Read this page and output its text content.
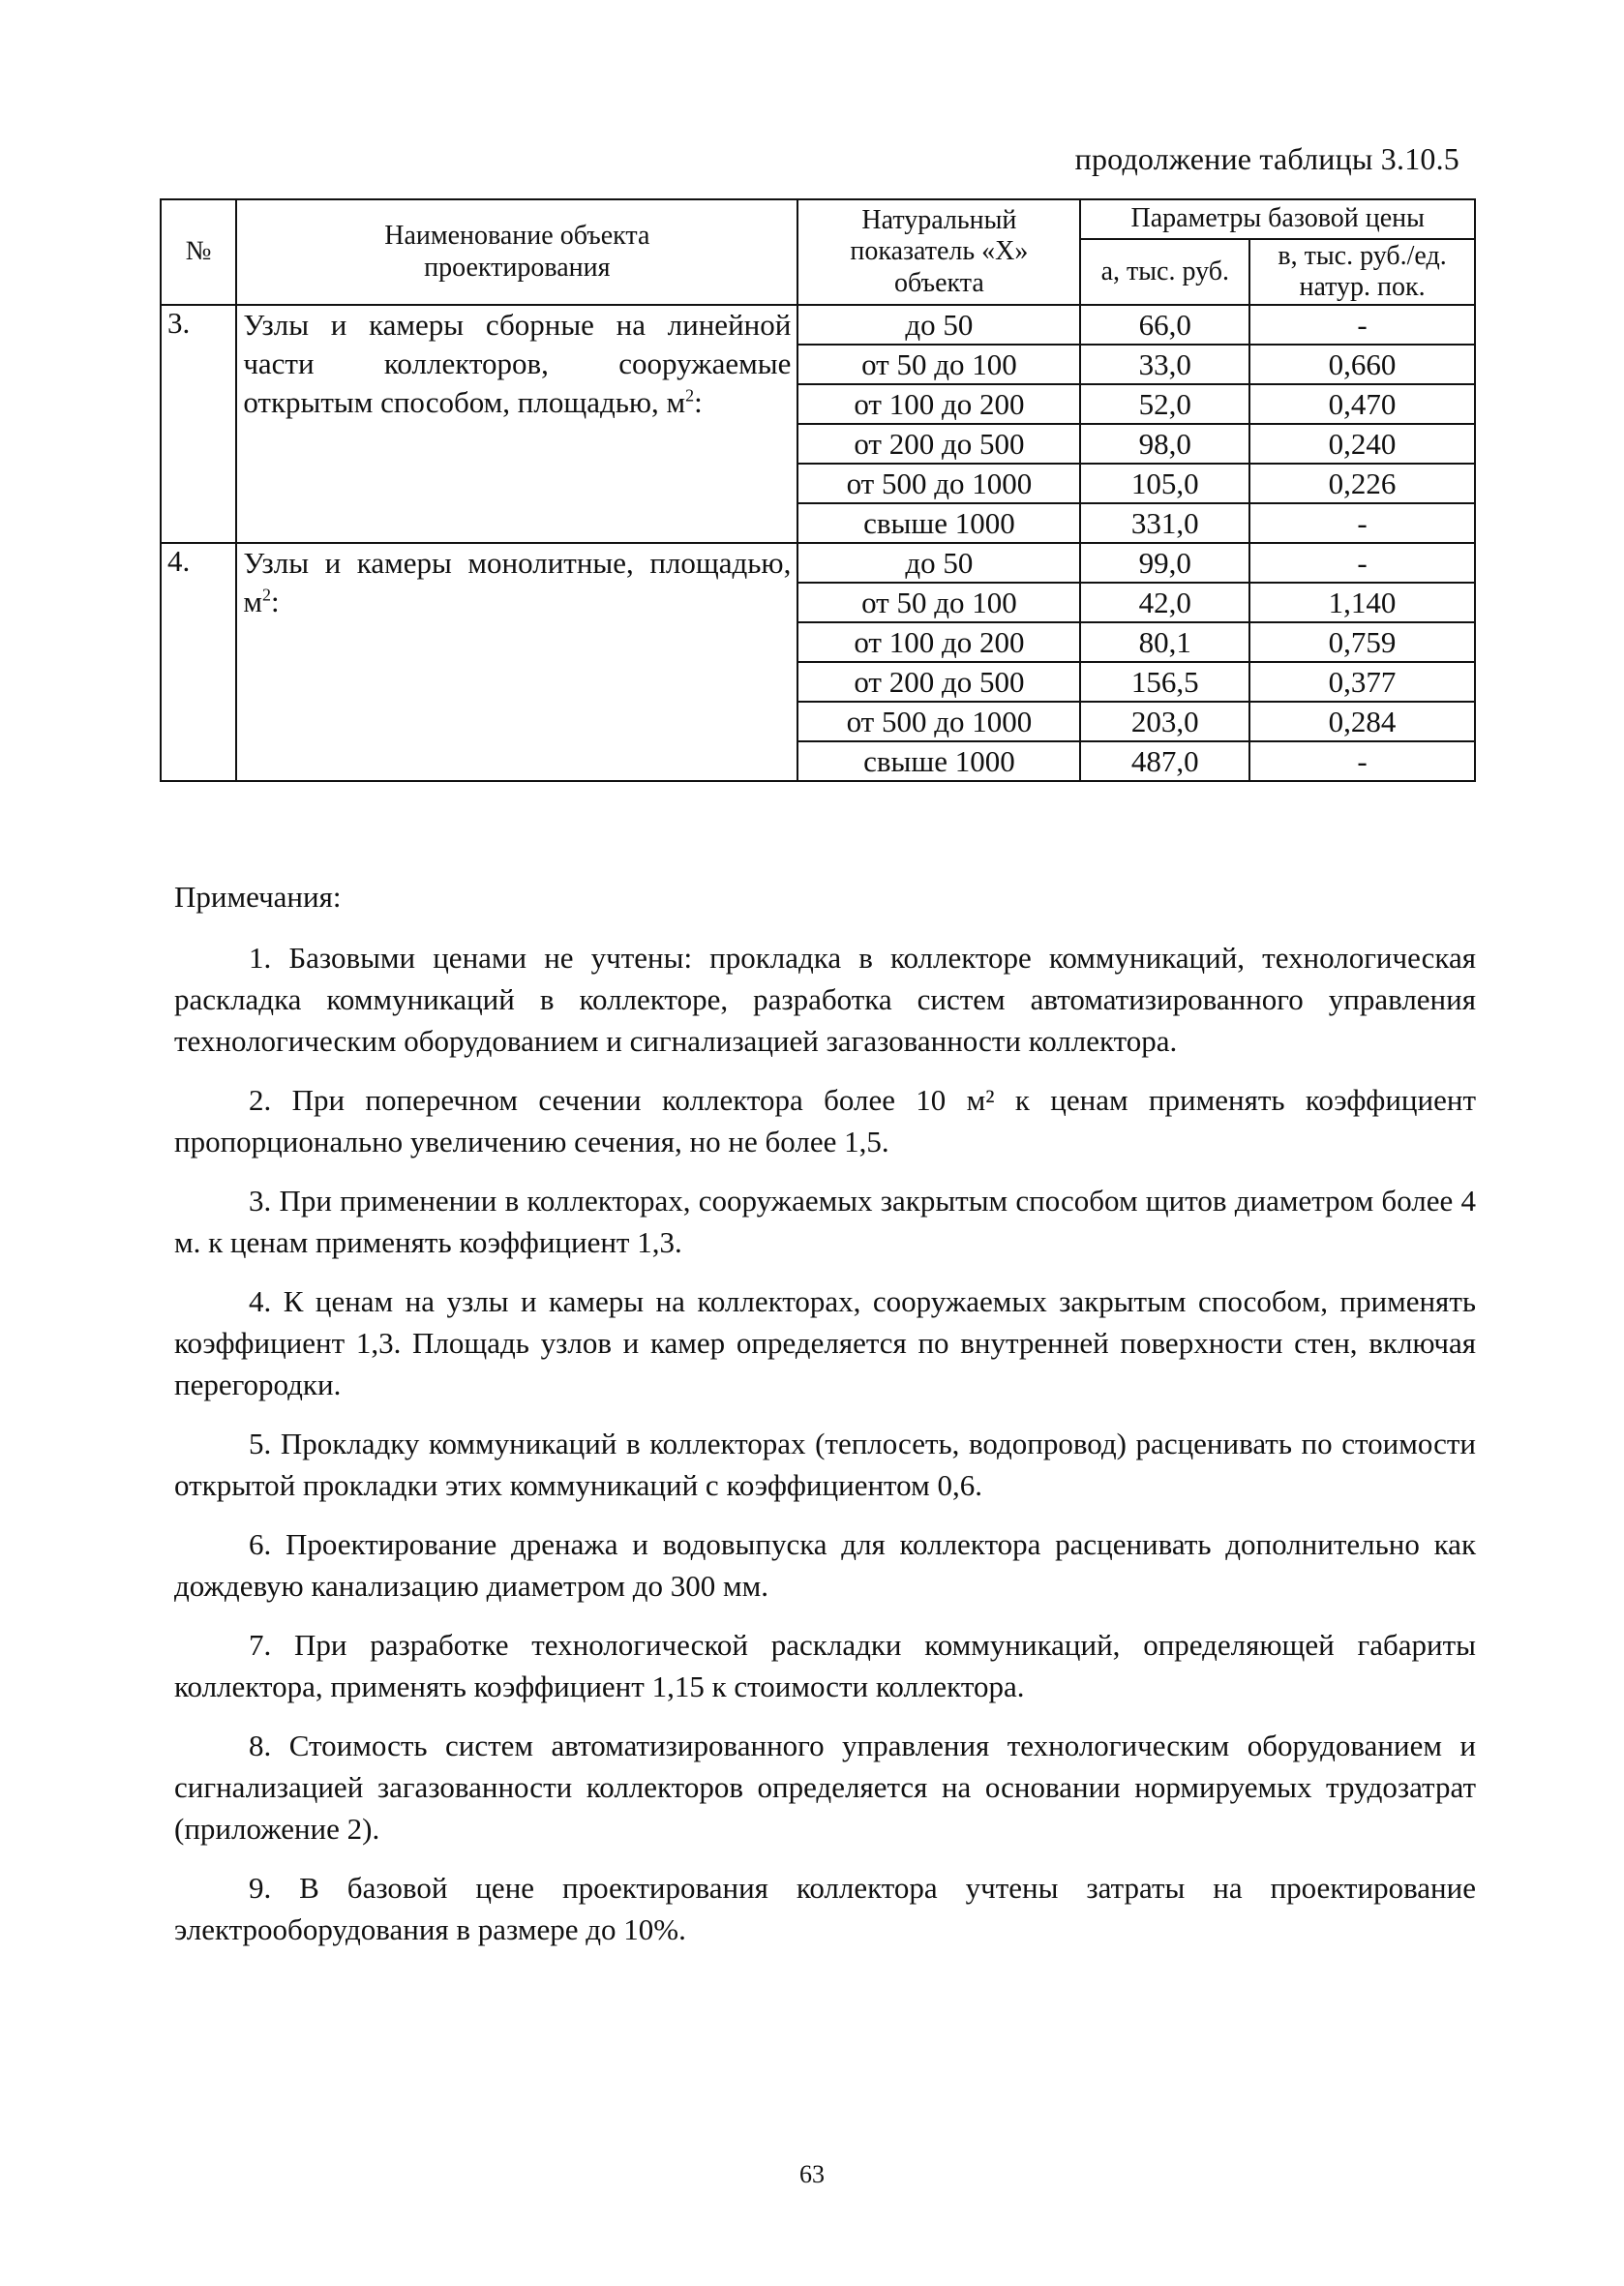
продолжение таблицы 3.10.5
№	Наименование объекта проектирования	Натуральный показатель «Х» объекта	Параметры базовой цены	
			а, тыс. руб.	в, тыс. руб./ед. натур. пок.
3.	Узлы и камеры сборные на линейной части коллекторов, сооружаемые открытым способом, площадью, $м^2$:	до 50	66,0	-
		от 50 до 100	33,0	0,660
		от 100 до 200	52,0	0,470
		от 200 до 500	98,0	0,240
		от 500 до 1000	105,0	0,226
		свыше 1000	331,0	-
4.	Узлы и камеры монолитные, площадью, $м^2$:	до 50	99,0	-
		от 50 до 100	42,0	1,140
		от 100 до 200	80,1	0,759
		от 200 до 500	156,5	0,377
		от 500 до 1000	203,0	0,284
		свыше 1000	487,0	-
Примечания:

1. Базовыми ценами не учтены: прокладка в коллекторе коммуникаций, технологическая раскладка коммуникаций в коллекторе, разработка систем автоматизированного управления технологическим оборудованием и сигнализацией загазованности коллектора.

2. При поперечном сечении коллектора более 10 м² к ценам применять коэффициент пропорционально увеличению сечения, но не более 1,5.

3. При применении в коллекторах, сооружаемых закрытым способом щитов диаметром более 4 м. к ценам применять коэффициент 1,3.

4. К ценам на узлы и камеры на коллекторах, сооружаемых закрытым способом, применять коэффициент 1,3. Площадь узлов и камер определяется по внутренней поверхности стен, включая перегородки.

5. Прокладку коммуникаций в коллекторах (теплосеть, водопровод) расценивать по стоимости открытой прокладки этих коммуникаций с коэффициентом 0,6.

6. Проектирование дренажа и водовыпуска для коллектора расценивать дополнительно как дождевую канализацию диаметром до 300 мм.

7. При разработке технологической раскладки коммуникаций, определяющей габариты коллектора, применять коэффициент 1,15 к стоимости коллектора.

8. Стоимость систем автоматизированного управления технологическим оборудованием и сигнализацией загазованности коллекторов определяется на основании нормируемых трудозатрат (приложение 2).

9. В базовой цене проектирования коллектора учтены затраты на проектирование электрооборудования в размере до 10%.

63
